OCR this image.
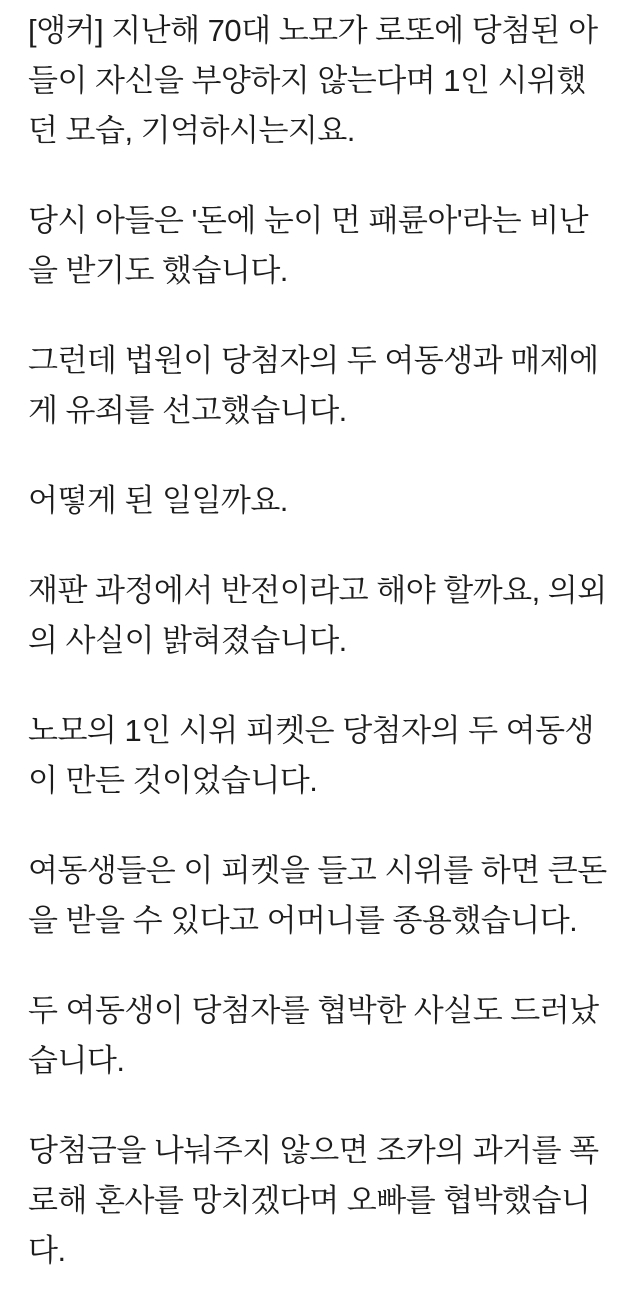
[앵커] 지난해 70대 노모가 로또에 당첨된 아들이 자신을 부양하지 않는다며 1인 시위했던 모습, 기억하시는지요.

당시 아들은 '돈에 눈이 먼 패륜아'라는 비난을 받기도 했습니다.

그런데 법원이 당첨자의 두 여동생과 매제에게 유죄를 선고했습니다.

어떻게 된 일일까요.

재판 과정에서 반전이라고 해야 할까요, 의외의 사실이 밝혀졌습니다.

노모의 1인 시위 피켓은 당첨자의 두 여동생이 만든 것이었습니다.

여동생들은 이 피켓을 들고 시위를 하면 큰돈을 받을 수 있다고 어머니를 종용했습니다.

두 여동생이 당첨자를 협박한 사실도 드러났습니다.

당첨금을 나눠주지 않으면 조카의 과거를 폭로해 혼사를 망치겠다며 오빠를 협박했습니다.
